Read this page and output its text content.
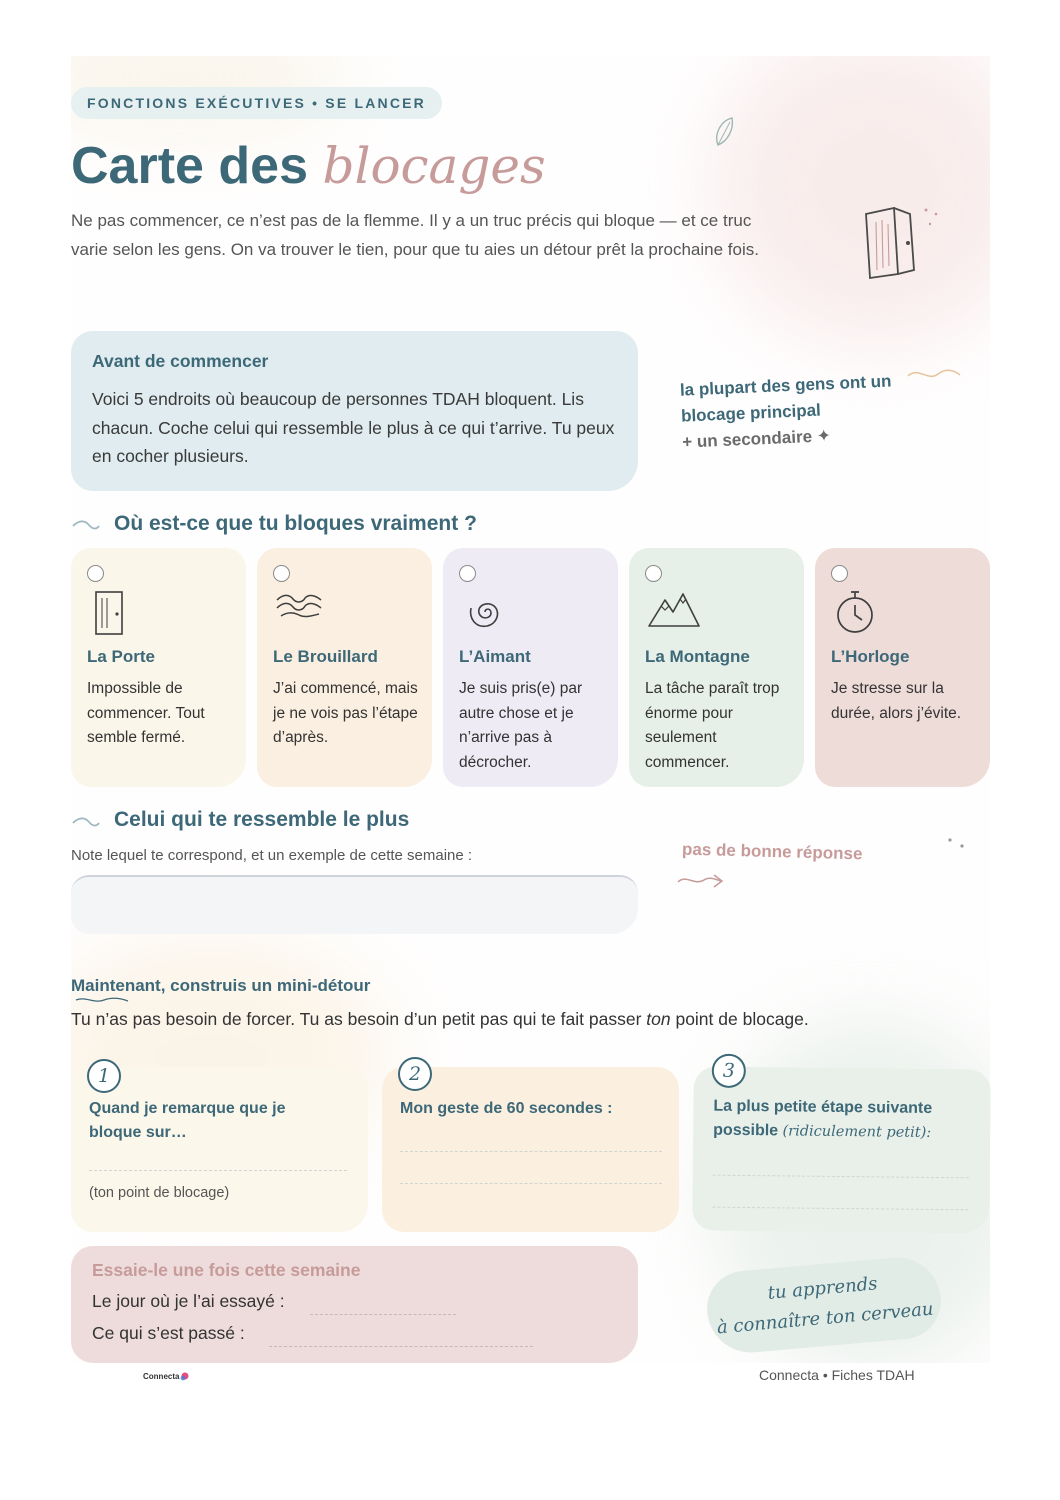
FONCTIONS EXÉCUTIVES • SE LANCER
Carte des blocages

Ne pas commencer, ce n’est pas de la flemme. Il y a un truc précis qui bloque — et ce truc varie selon les gens. On va trouver le tien, pour que tu aies un détour prêt la prochaine fois.

Avant de commencer

Voici 5 endroits où beaucoup de personnes TDAH bloquent. Lis chacun. Coche celui qui ressemble le plus à ce qui t’arrive. Tu peux en cocher plusieurs.

la plupart des gens ont un blocage principal
+ un secondaire ✦
Où est-ce que tu bloques vraiment ?
La Porte

Impossible de commencer. Tout semble fermé.

Le Brouillard

J’ai commencé, mais je ne vois pas l’étape d’après.

L’Aimant

Je suis pris(e) par autre chose et je n’arrive pas à décrocher.

La Montagne

La tâche paraît trop énorme pour seulement commencer.

L’Horloge

Je stresse sur la durée, alors j’évite.

Celui qui te ressemble le plus
Note lequel te correspond, et un exemple de cette semaine :	pas de bonne réponse
Maintenant, construis un mini-détour
Tu n’as pas besoin de forcer. Tu as besoin d’un petit pas qui te fait passer ton point de blocage.
1
Quand je remarque que je bloque sur…
(ton point de blocage)
2
Mon geste de 60 secondes :
3
La plus petite étape suivante possible (ridiculement petit):
Essaie-le une fois cette semaine
Le jour où je l’ai essayé :
Ce qui s’est passé :
tu apprends
à connaître ton cerveau
Connecta	Connecta • Fiches TDAH
